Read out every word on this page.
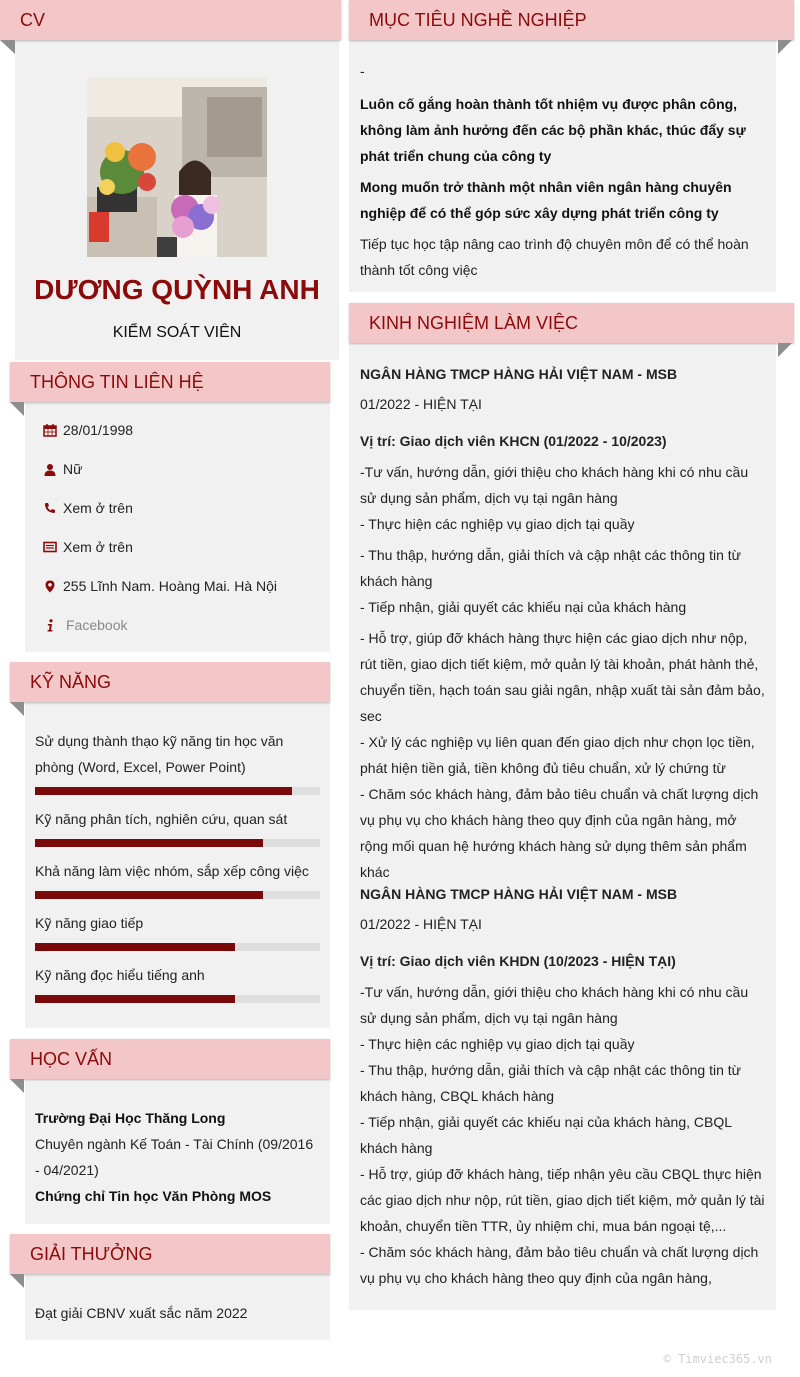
CV
DƯƠNG QUỲNH ANH
KIỂM SOÁT VIÊN
THÔNG TIN LIÊN HỆ
28/01/1998
Nữ
Xem ở trên
Xem ở trên
255 Lĩnh Nam. Hoàng Mai. Hà Nội
Facebook
KỸ NĂNG
Sử dụng thành thạo kỹ năng tin học văn phòng (Word, Excel, Power Point)
Kỹ năng phân tích, nghiên cứu, quan sát
Khả năng làm việc nhóm, sắp xếp công việc
Kỹ năng giao tiếp
Kỹ năng đọc hiểu tiếng anh
HỌC VẤN
Trường Đại Học Thăng Long
Chuyên ngành Kế Toán - Tài Chính (09/2016 - 04/2021)
Chứng chỉ Tin học Văn Phòng MOS
GIẢI THƯỞNG
Đạt giải CBNV xuất sắc năm 2022
MỤC TIÊU NGHỀ NGHIỆP
-
Luôn cố gắng hoàn thành tốt nhiệm vụ được phân công, không làm ảnh hưởng đến các bộ phần khác, thúc đẩy sự phát triển chung của công ty
Mong muốn trở thành một nhân viên ngân hàng chuyên nghiệp để có thể góp sức xây dựng phát triển công ty
Tiếp tục học tập nâng cao trình độ chuyên môn để có thể hoàn thành tốt công việc
KINH NGHIỆM LÀM VIỆC
NGÂN HÀNG TMCP HÀNG HẢI VIỆT NAM - MSB
01/2022 - HIỆN TẠI
Vị trí: Giao dịch viên KHCN (01/2022 - 10/2023)
-Tư vấn, hướng dẫn, giới thiệu cho khách hàng khi có nhu cầu sử dụng sản phẩm, dịch vụ tại ngân hàng
- Thực hiện các nghiệp vụ giao dịch tại quầy
- Thu thập, hướng dẫn, giải thích và cập nhật các thông tin từ khách hàng
- Tiếp nhận, giải quyết các khiếu nại của khách hàng
- Hỗ trợ, giúp đỡ khách hàng thực hiện các giao dịch như nộp, rút tiền, giao dịch tiết kiệm, mở quản lý tài khoản, phát hành thẻ, chuyển tiền, hạch toán sau giải ngân, nhập xuất tài sản đảm bảo, sec
- Xử lý các nghiệp vụ liên quan đến giao dịch như chọn lọc tiền, phát hiện tiền giả, tiền không đủ tiêu chuẩn, xử lý chứng từ
- Chăm sóc khách hàng, đảm bảo tiêu chuẩn và chất lượng dịch vụ phụ vụ cho khách hàng theo quy định của ngân hàng, mở rộng mối quan hệ hướng khách hàng sử dụng thêm sản phẩm khác
NGÂN HÀNG TMCP HÀNG HẢI VIỆT NAM - MSB
01/2022 - HIỆN TẠI
Vị trí: Giao dịch viên KHDN (10/2023 - HIỆN TẠI)
-Tư vấn, hướng dẫn, giới thiệu cho khách hàng khi có nhu cầu sử dụng sản phẩm, dịch vụ tại ngân hàng
- Thực hiện các nghiệp vụ giao dịch tại quầy
- Thu thập, hướng dẫn, giải thích và cập nhật các thông tin từ khách hàng, CBQL khách hàng
- Tiếp nhận, giải quyết các khiếu nại của khách hàng, CBQL khách hàng
- Hỗ trợ, giúp đỡ khách hàng, tiếp nhận yêu cầu CBQL thực hiện các giao dịch như nộp, rút tiền, giao dịch tiết kiệm, mở quản lý tài khoản, chuyển tiền TTR, ủy nhiệm chi, mua bán ngoại tệ,...
- Chăm sóc khách hàng, đảm bảo tiêu chuẩn và chất lượng dịch vụ phụ vụ cho khách hàng theo quy định của ngân hàng,
© Timviec365.vn
